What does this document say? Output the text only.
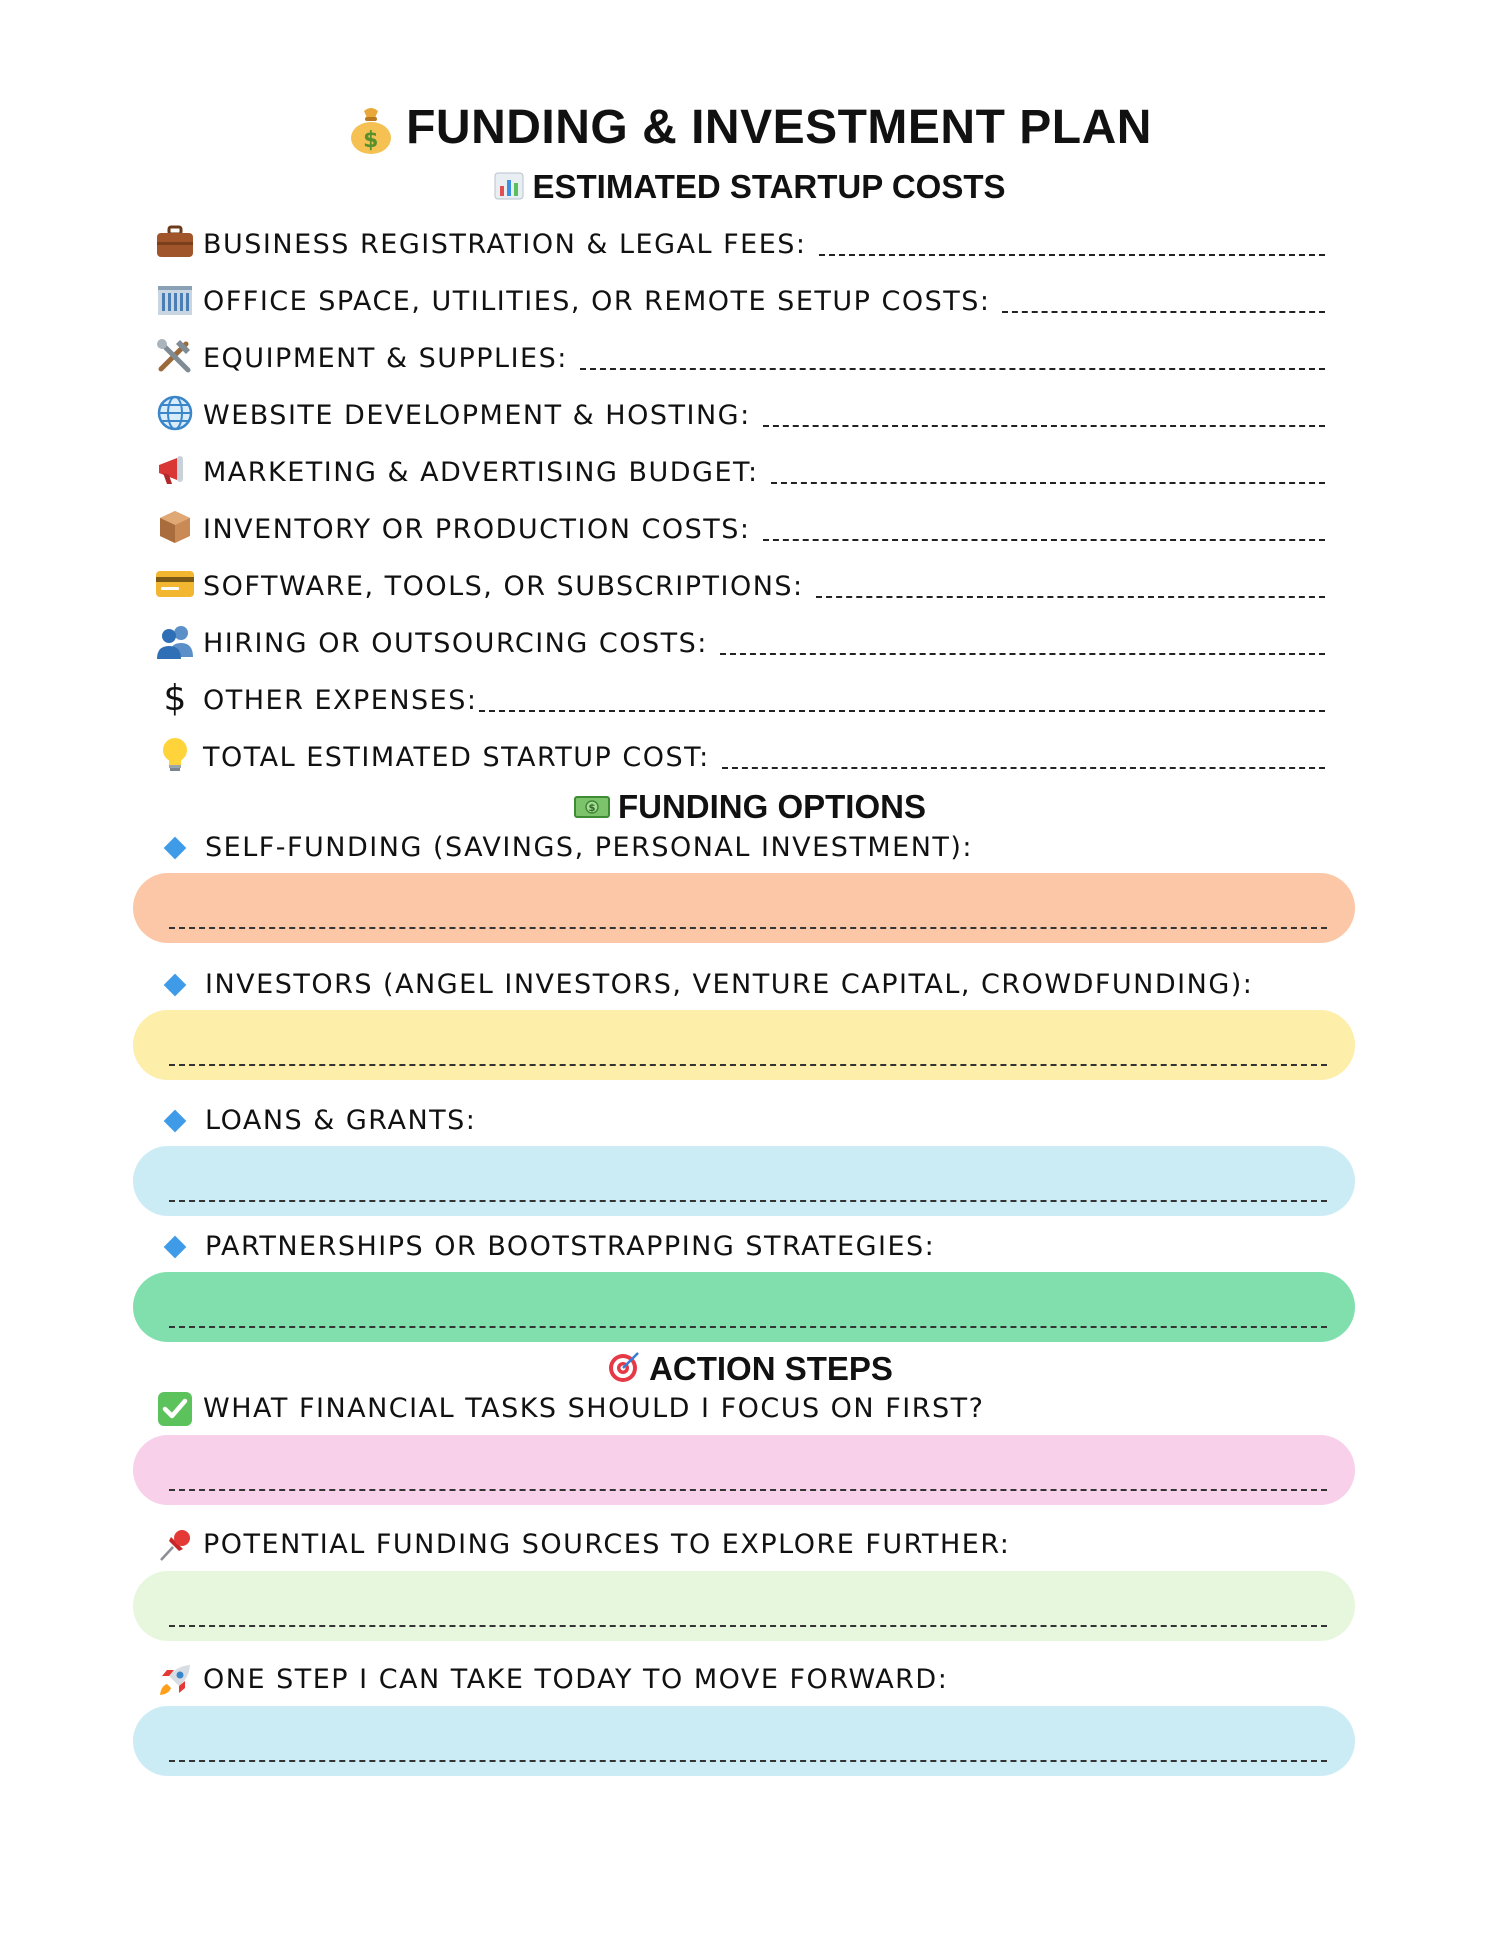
$ FUNDING & INVESTMENT PLAN
ESTIMATED STARTUP COSTS
BUSINESS REGISTRATION & LEGAL FEES:
OFFICE SPACE, UTILITIES, OR REMOTE SETUP COSTS:
EQUIPMENT & SUPPLIES:
WEBSITE DEVELOPMENT & HOSTING:
MARKETING & ADVERTISING BUDGET:
INVENTORY OR PRODUCTION COSTS:
SOFTWARE, TOOLS, OR SUBSCRIPTIONS:
HIRING OR OUTSOURCING COSTS:
$ OTHER EXPENSES:
TOTAL ESTIMATED STARTUP COST:
$ FUNDING OPTIONS
SELF-FUNDING (SAVINGS, PERSONAL INVESTMENT):
INVESTORS (ANGEL INVESTORS, VENTURE CAPITAL, CROWDFUNDING):
LOANS & GRANTS:
PARTNERSHIPS OR BOOTSTRAPPING STRATEGIES:
ACTION STEPS
WHAT FINANCIAL TASKS SHOULD I FOCUS ON FIRST?
POTENTIAL FUNDING SOURCES TO EXPLORE FURTHER:
ONE STEP I CAN TAKE TODAY TO MOVE FORWARD:
